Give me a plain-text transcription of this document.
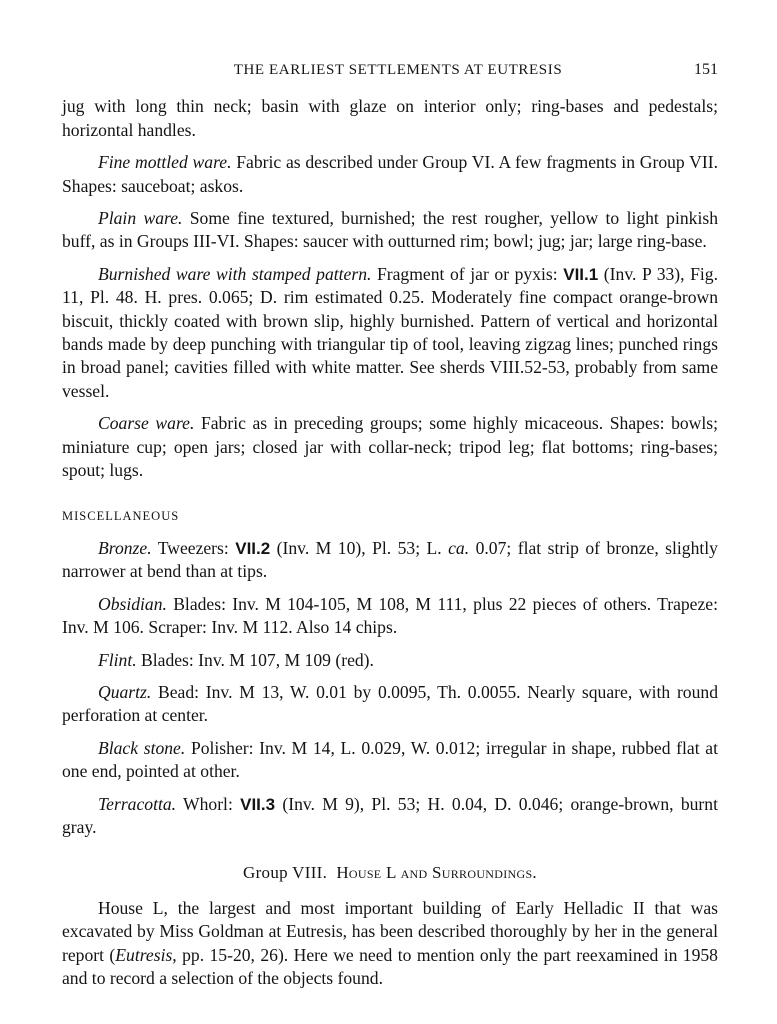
THE EARLIEST SETTLEMENTS AT EUTRESIS	151

jug with long thin neck; basin with glaze on interior only; ring-bases and pedestals; horizontal handles.

Fine mottled ware. Fabric as described under Group VI. A few fragments in Group VII. Shapes: sauceboat; askos.

Plain ware. Some fine textured, burnished; the rest rougher, yellow to light pinkish buff, as in Groups III-VI. Shapes: saucer with outturned rim; bowl; jug; jar; large ring-base.

Burnished ware with stamped pattern. Fragment of jar or pyxis: VII.1 (Inv. P 33), Fig. 11, Pl. 48. H. pres. 0.065; D. rim estimated 0.25. Moderately fine compact orange-brown biscuit, thickly coated with brown slip, highly burnished. Pattern of vertical and horizontal bands made by deep punching with triangular tip of tool, leaving zigzag lines; punched rings in broad panel; cavities filled with white matter. See sherds VIII.52-53, probably from same vessel.

Coarse ware. Fabric as in preceding groups; some highly micaceous. Shapes: bowls; miniature cup; open jars; closed jar with collar-neck; tripod leg; flat bottoms; ring-bases; spout; lugs.

MISCELLANEOUS

Bronze. Tweezers: VII.2 (Inv. M 10), Pl. 53; L. ca. 0.07; flat strip of bronze, slightly narrower at bend than at tips.

Obsidian. Blades: Inv. M 104-105, M 108, M 111, plus 22 pieces of others. Trapeze: Inv. M 106. Scraper: Inv. M 112. Also 14 chips.

Flint. Blades: Inv. M 107, M 109 (red).

Quartz. Bead: Inv. M 13, W. 0.01 by 0.0095, Th. 0.0055. Nearly square, with round perforation at center.

Black stone. Polisher: Inv. M 14, L. 0.029, W. 0.012; irregular in shape, rubbed flat at one end, pointed at other.

Terracotta. Whorl: VII.3 (Inv. M 9), Pl. 53; H. 0.04, D. 0.046; orange-brown, burnt gray.

Group VIII. House L and Surroundings.

House L, the largest and most important building of Early Helladic II that was excavated by Miss Goldman at Eutresis, has been described thoroughly by her in the general report (Eutresis, pp. 15-20, 26). Here we need to mention only the part reexamined in 1958 and to record a selection of the objects found.
